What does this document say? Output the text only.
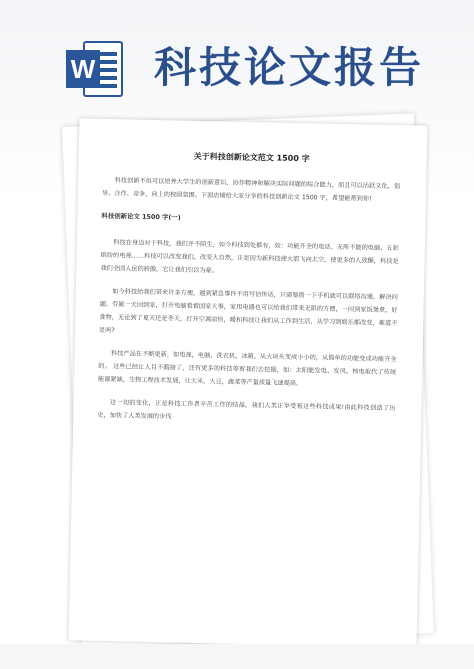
W 科技论文报告
关于科技创新论文范文 1500 字

科技创新不但可以培养大学生的创新意识、协作精神和解决实际问题的综合能力，而且可以活跃文化，倡导、合作、竞争，向上的校园氛围。下面店铺给大家分享的科技创新论文 1500 字，希望能帮到你!

科技创新论文 1500 字(一)

科技在身边对于科技，我们并不陌生，如今科技到处都有，如：功能齐全的电话、无所不能的电脑、五彩缤纷的电视……科技可以改变我们，改变大自然，正是因为新科技使火箭飞向太空，使更多的人致醒，科技是我们全国人民的骄傲，它让我们引以为豪。

如今科技给我们带来许多方便，遇到紧急事件不用写信传话，只需要拨一下手机就可以联络沟通，解决问题。劳累一天回到家，打开电脑看看国家大事，家用电器也可以给我们带来无限的方便，一回到家饭煲煮，好食物，无论到了夏天还是冬天，打开空调凉快，暖和科技让我们从工作到生活，从学习到娱乐都改变，难道不是吗?

科技产品在不断更新，如电视，电脑，洗衣机，冰箱。从大块头变成小小的，从简单的功能变成功能齐全的。 这些已经让人目不暇接了，还有更多的科技等着我们去挖掘，如：太阳能发电、发风，核电取代了传统能源紧缺，生物工程技术发展，让大米，大豆，蔬菜等产量质量飞速提高。

这一切的变化，正是科技工作者辛苦工作的结晶，我们人类正享受着这些科技成果!由此科技创造了历史，加快了人类发展的步伐
